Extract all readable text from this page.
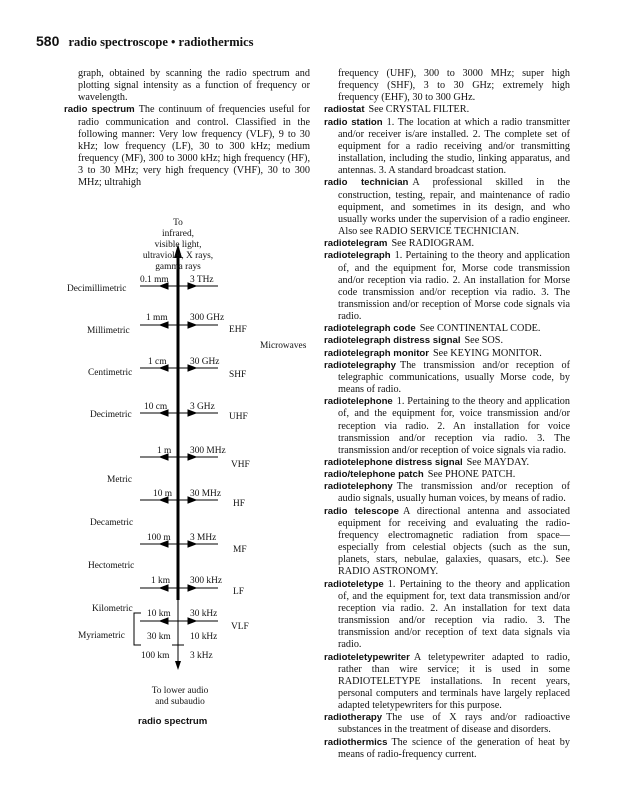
580 radio spectroscope • radiothermics

graph, obtained by scanning the radio spectrum and plotting signal intensity as a function of frequency or wavelength.

radio spectrum The continuum of frequencies useful for radio communication and control. Classified in the following manner: Very low frequency (VLF), 9 to 30 kHz; low frequency (LF), 30 to 300 kHz; medium frequency (MF), 300 to 3000 kHz; high frequency (HF), 3 to 30 MHz; very high frequency (VHF), 30 to 300 MHz; ultrahigh

To
infrared,
visible light,
ultraviolet, X rays,
gamma rays
0.1 mm
1 mm
1 cm
10 cm
1 m
10 m
100 m
1 km
10 km
30 km
100 km
3 THz
300 GHz
30 GHz
3 GHz
300 MHz
30 MHz
3 MHz
300 kHz
30 kHz
10 kHz
3 kHz
Decimillimetric
Millimetric
Centimetric
Decimetric
Metric
Decametric
Hectometric
Kilometric
Myriametric
EHF
SHF
UHF
VHF
HF
MF
LF
VLF
Microwaves
To lower audio
and subaudio
radio spectrum

frequency (UHF), 300 to 3000 MHz; super high frequency (SHF), 3 to 30 GHz; extremely high frequency (EHF), 30 to 300 GHz.

radiostat See CRYSTAL FILTER.

radio station 1. The location at which a radio transmitter and/or receiver is/are installed. 2. The complete set of equipment for a radio receiving and/or transmitting installation, including the studio, linking apparatus, and antennas. 3. A standard broadcast station.

radio technician A professional skilled in the construction, testing, repair, and maintenance of radio equipment, and sometimes in its design, and who usually works under the supervision of a radio engineer. Also see RADIO SERVICE TECHNICIAN.

radiotelegram See RADIOGRAM.

radiotelegraph 1. Pertaining to the theory and application of, and the equipment for, Morse code transmission and/or reception via radio. 2. An installation for Morse code transmission and/or reception via radio. 3. The transmission and/or reception of Morse code signals via radio.

radiotelegraph code See CONTINENTAL CODE.

radiotelegraph distress signal See SOS.

radiotelegraph monitor See KEYING MONITOR.

radiotelegraphy The transmission and/or reception of telegraphic communications, usually Morse code, by means of radio.

radiotelephone 1. Pertaining to the theory and application of, and the equipment for, voice transmission and/or reception via radio. 2. An installation for voice transmission and/or reception via radio. 3. The transmission and/or reception of voice signals via radio.

radiotelephone distress signal See MAYDAY.

radio/telephone patch See PHONE PATCH.

radiotelephony The transmission and/or reception of audio signals, usually human voices, by means of radio.

radio telescope A directional antenna and associated equipment for receiving and evaluating the radio-frequency electromagnetic radiation from space—especially from celestial objects (such as the sun, planets, stars, nebulae, galaxies, quasars, etc.). See RADIO ASTRONOMY.

radioteletype 1. Pertaining to the theory and application of, and the equipment for, text data transmission and/or reception via radio. 2. An installation for text data transmission and/or reception via radio. 3. The transmission and/or reception of text data signals via radio.

radioteletypewriter A teletypewriter adapted to radio, rather than wire service; it is used in some RADIOTELETYPE installations. In recent years, personal computers and terminals have largely replaced adapted teletypewriters for this purpose.

radiotherapy The use of X rays and/or radioactive substances in the treatment of disease and disorders.

radiothermics The science of the generation of heat by means of radio-frequency current.
